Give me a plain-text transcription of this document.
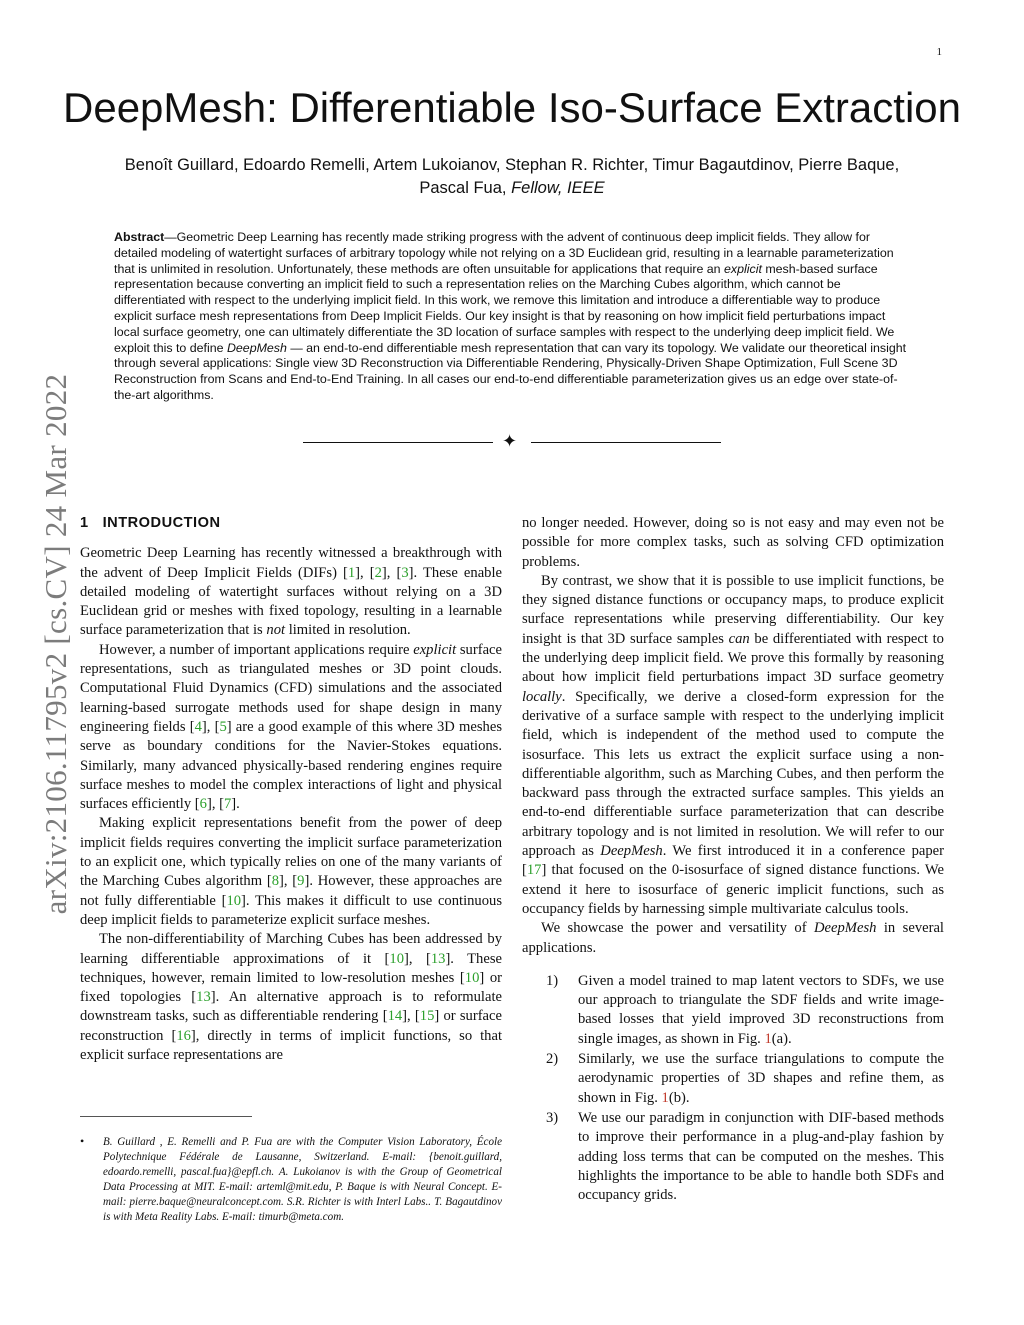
1
arXiv:2106.11795v2 [cs.CV] 24 Mar 2022
DeepMesh: Differentiable Iso-Surface Extraction
Benoît Guillard, Edoardo Remelli, Artem Lukoianov, Stephan R. Richter, Timur Bagautdinov, Pierre Baque,
Pascal Fua, Fellow, IEEE
Abstract—Geometric Deep Learning has recently made striking progress with the advent of continuous deep implicit fields. They allow for detailed modeling of watertight surfaces of arbitrary topology while not relying on a 3D Euclidean grid, resulting in a learnable parameterization that is unlimited in resolution. Unfortunately, these methods are often unsuitable for applications that require an explicit mesh-based surface representation because converting an implicit field to such a representation relies on the Marching Cubes algorithm, which cannot be differentiated with respect to the underlying implicit field. In this work, we remove this limitation and introduce a differentiable way to produce explicit surface mesh representations from Deep Implicit Fields. Our key insight is that by reasoning on how implicit field perturbations impact local surface geometry, one can ultimately differentiate the 3D location of surface samples with respect to the underlying deep implicit field. We exploit this to define DeepMesh — an end-to-end differentiable mesh representation that can vary its topology. We validate our theoretical insight through several applications: Single view 3D Reconstruction via Differentiable Rendering, Physically-Driven Shape Optimization, Full Scene 3D Reconstruction from Scans and End-to-End Training. In all cases our end-to-end differentiable parameterization gives us an edge over state-of-the-art algorithms.
✦
1 INTRODUCTION

Geometric Deep Learning has recently witnessed a breakthrough with the advent of Deep Implicit Fields (DIFs) [1], [2], [3]. These enable detailed modeling of watertight surfaces without relying on a 3D Euclidean grid or meshes with fixed topology, resulting in a learnable surface parameterization that is not limited in resolution.

However, a number of important applications require explicit surface representations, such as triangulated meshes or 3D point clouds. Computational Fluid Dynamics (CFD) simulations and the associated learning-based surrogate methods used for shape design in many engineering fields [4], [5] are a good example of this where 3D meshes serve as boundary conditions for the Navier-Stokes equations. Similarly, many advanced physically-based rendering engines require surface meshes to model the complex interactions of light and physical surfaces efficiently [6], [7].

Making explicit representations benefit from the power of deep implicit fields requires converting the implicit surface parameterization to an explicit one, which typically relies on one of the many variants of the Marching Cubes algorithm [8], [9]. However, these approaches are not fully differentiable [10]. This makes it difficult to use continuous deep implicit fields to parameterize explicit surface meshes.

The non-differentiability of Marching Cubes has been addressed by learning differentiable approximations of it [10], [13]. These techniques, however, remain limited to low-resolution meshes [10] or fixed topologies [13]. An alternative approach is to reformulate downstream tasks, such as differentiable rendering [14], [15] or surface reconstruction [16], directly in terms of implicit functions, so that explicit surface representations are

• B. Guillard , E. Remelli and P. Fua are with the Computer Vision Laboratory, École Polytechnique Fédérale de Lausanne, Switzerland. E-mail: {benoit.guillard, edoardo.remelli, pascal.fua}@epfl.ch. A. Lukoianov is with the Group of Geometrical Data Processing at MIT. E-mail: arteml@mit.edu, P. Baque is with Neural Concept. E-mail: pierre.baque@neuralconcept.com. S.R. Richter is with Interl Labs.. T. Bagautdinov is with Meta Reality Labs. E-mail: timurb@meta.com.

no longer needed. However, doing so is not easy and may even not be possible for more complex tasks, such as solving CFD optimization problems.

By contrast, we show that it is possible to use implicit functions, be they signed distance functions or occupancy maps, to produce explicit surface representations while preserving differentiability. Our key insight is that 3D surface samples can be differentiated with respect to the underlying deep implicit field. We prove this formally by reasoning about how implicit field perturbations impact 3D surface geometry locally. Specifically, we derive a closed-form expression for the derivative of a surface sample with respect to the underlying implicit field, which is independent of the method used to compute the isosurface. This lets us extract the explicit surface using a non-differentiable algorithm, such as Marching Cubes, and then perform the backward pass through the extracted surface samples. This yields an end-to-end differentiable surface parameterization that can describe arbitrary topology and is not limited in resolution. We will refer to our approach as DeepMesh. We first introduced it in a conference paper [17] that focused on the 0-isosurface of signed distance functions. We extend it here to isosurface of generic implicit functions, such as occupancy fields by harnessing simple multivariate calculus tools.

We showcase the power and versatility of DeepMesh in several applications.

1) Given a model trained to map latent vectors to SDFs, we use our approach to triangulate the SDF fields and write image-based losses that yield improved 3D reconstructions from single images, as shown in Fig. 1(a).
2) Similarly, we use the surface triangulations to compute the aerodynamic properties of 3D shapes and refine them, as shown in Fig. 1(b).
3) We use our paradigm in conjunction with DIF-based methods to improve their performance in a plug-and-play fashion by adding loss terms that can be computed on the meshes. This highlights the importance to be able to handle both SDFs and occupancy grids.
